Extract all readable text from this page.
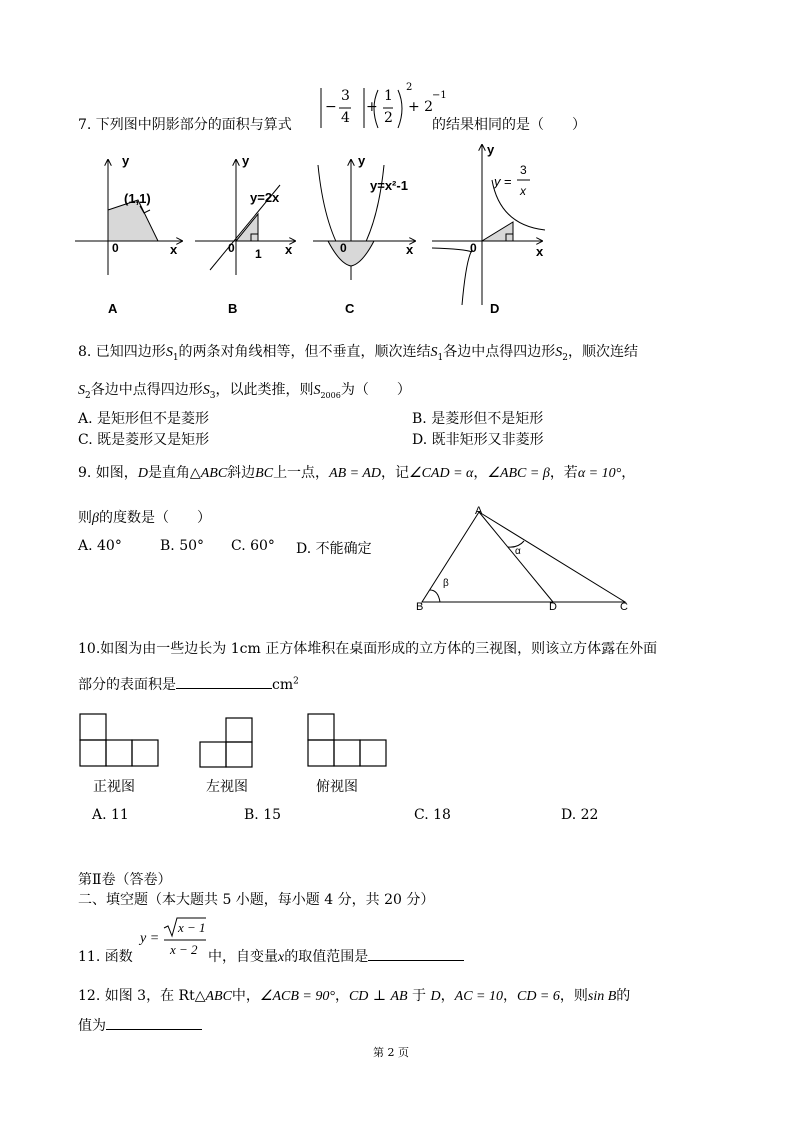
7. 下列图中阴影部分的面积与算式
−
3
4
+
1
2
2
+ 2
−1
的结果相同的是（　　）
y
x
0
(1,1)
A
y
x
0 1
y=2x
B
y
x
0
y=x²-1
C
y
x
0
y =
3
x
D
8. 已知四边形$S_1$的两条对角线相等，但不垂直，顺次连结$S_1$各边中点得四边形$S_2$，顺次连结
$S_2$各边中点得四边形$S_3$，以此类推，则$S_{2006}$为（　　）
A. 是矩形但不是菱形	B. 是菱形但不是矩形
C. 既是菱形又是矩形	D. 既非矩形又非菱形
9. 如图，D是直角△ABC斜边BC上一点，AB = AD，记∠CAD = α，∠ABC = β，若α = 10°，
则β的度数是（　　）
A. 40°	B. 50° C. 60° D. 不能确定
A
B	D	C
α
β
10.如图为由一些边长为 1cm 正方体堆积在桌面形成的立方体的三视图，则该立方体露在外面
部分的表面积是	$cm^2$
正视图	左视图	俯视图
A. 11	B. 15	C. 18	D. 22
第Ⅱ卷（答卷）
二、填空题（本大题共 5 小题，每小题 4 分，共 20 分）
11. 函数
y =
x − 1
x − 2 中，自变量x的取值范围是
12. 如图 3，在 Rt△ABC中，∠ACB = 90°，CD ⊥ AB 于 D，AC = 10，CD = 6，则sin B的
值为
第 2 页
